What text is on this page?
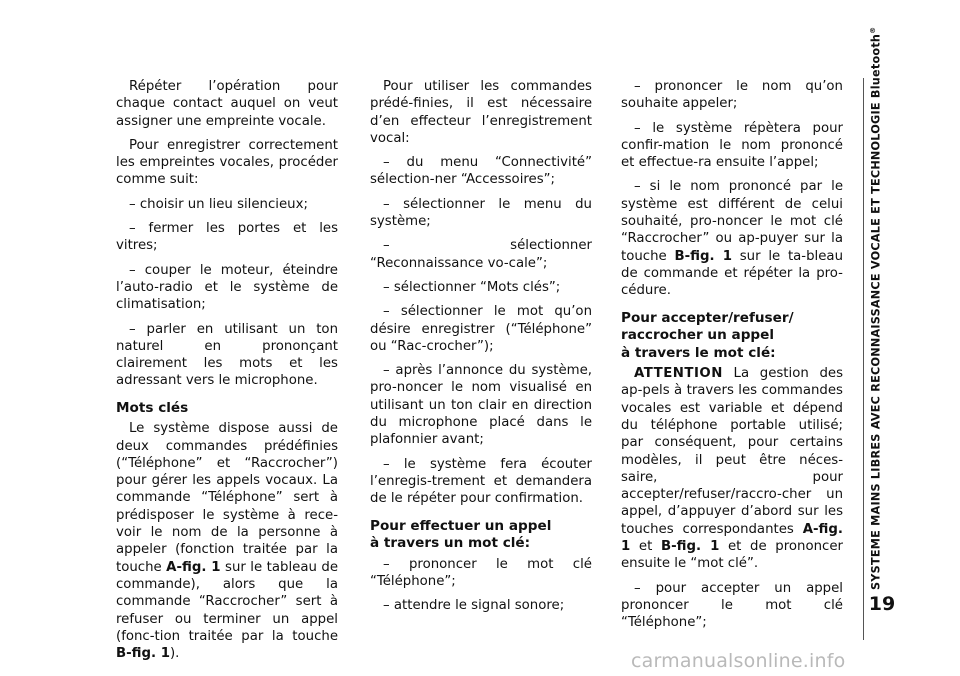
Répéter l’opération pour chaque contact auquel on veut assigner une empreinte vocale.

Pour enregistrer correctement les empreintes vocales, procéder comme suit:

– choisir un lieu silencieux;

– fermer les portes et les vitres;

– couper le moteur, éteindre l’auto-radio et le système de climatisation;

– parler en utilisant un ton naturel en prononçant clairement les mots et les adressant vers le microphone.

Mots clés

Le système dispose aussi de deux commandes prédéfinies (“Téléphone” et “Raccrocher”) pour gérer les appels vocaux. La commande “Téléphone” sert à prédisposer le système à rece-voir le nom de la personne à appeler (fonction traitée par la touche A-fig. 1 sur le tableau de commande), alors que la commande “Raccrocher” sert à refuser ou terminer un appel (fonc-tion traitée par la touche B-fig. 1).

Pour utiliser les commandes prédé-finies, il est nécessaire d’en effecteur l’enregistrement vocal:

– du menu “Connectivité” sélection-ner “Accessoires”;

– sélectionner le menu du système;

– sélectionner “Reconnaissance vo-cale”;

– sélectionner “Mots clés”;

– sélectionner le mot qu’on désire enregistrer (“Téléphone” ou “Rac-crocher”);

– après l’annonce du système, pro-noncer le nom visualisé en utilisant un ton clair en direction du microphone placé dans le plafonnier avant;

– le système fera écouter l’enregis-trement et demandera de le répéter pour confirmation.

Pour effectuer un appel
à travers un mot clé:

– prononcer le mot clé “Téléphone”;

– attendre le signal sonore;

– prononcer le nom qu’on souhaite appeler;

– le système répètera pour confir-mation le nom prononcé et effectue-ra ensuite l’appel;

– si le nom prononcé par le système est différent de celui souhaité, pro-noncer le mot clé “Raccrocher” ou ap-puyer sur la touche B-fig. 1 sur le ta-bleau de commande et répéter la pro-cédure.

Pour accepter/refuser/
raccrocher un appel
à travers le mot clé:

ATTENTION La gestion des ap-pels à travers les commandes vocales est variable et dépend du téléphone portable utilisé; par conséquent, pour certains modèles, il peut être néces-saire, pour accepter/refuser/raccro-cher un appel, d’appuyer d’abord sur les touches correspondantes A-fig. 1 et B-fig. 1 et de prononcer ensuite le “mot clé”.

– pour accepter un appel prononcer le mot clé “Téléphone”;

SYSTEME MAINS LIBRES AVEC RECONNAISSANCE VOCALE ET TECHNOLOGIE Bluetooth®
19
carmanualsonline.info
